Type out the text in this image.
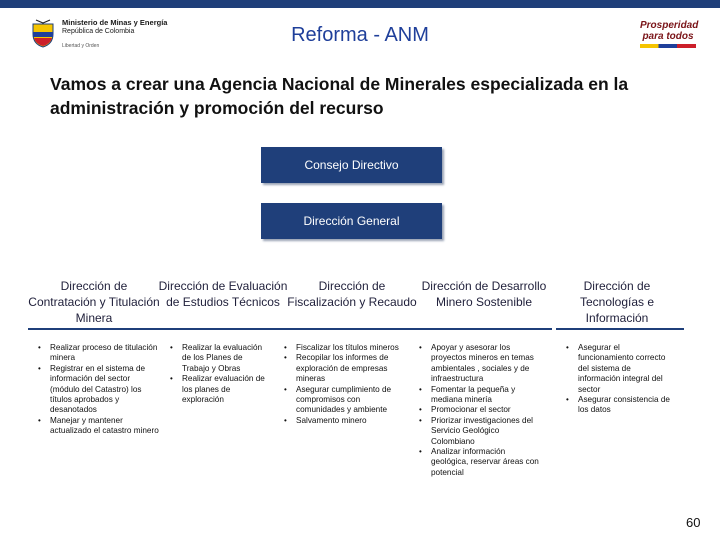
Ministerio de Minas y Energía
República de Colombia
Libertad y Orden	Reforma - ANM	Prosperidad
para todos
Vamos a crear una Agencia Nacional de Minerales especializada en la administración y promoción del recurso
Consejo Directivo
Dirección General
Dirección de Contratación y Titulación Minera
• Realizar proceso de titulación minera
• Registrar en el sistema de información del sector (módulo del Catastro) los títulos aprobados y desanotados
• Manejar y mantener actualizado el catastro minero
Dirección de Evaluación de Estudios Técnicos
• Realizar la evaluación de los Planes de Trabajo y Obras
• Realizar evaluación de los planes de exploración
Dirección de Fiscalización y Recaudo
• Fiscalizar los títulos mineros
• Recopilar los informes de exploración de empresas mineras
• Asegurar cumplimiento de compromisos con comunidades y ambiente
• Salvamento minero
Dirección de Desarrollo Minero Sostenible
• Apoyar y asesorar los proyectos mineros en temas ambientales , sociales y de infraestructura
• Fomentar la pequeña y mediana minería
• Promocionar el sector
• Priorizar investigaciones del Servicio Geológico Colombiano
• Analizar información geológica, reservar áreas con potencial
Dirección de Tecnologías e Información
• Asegurar el funcionamiento correcto del sistema de información integral del sector
• Asegurar consistencia de los datos
60
